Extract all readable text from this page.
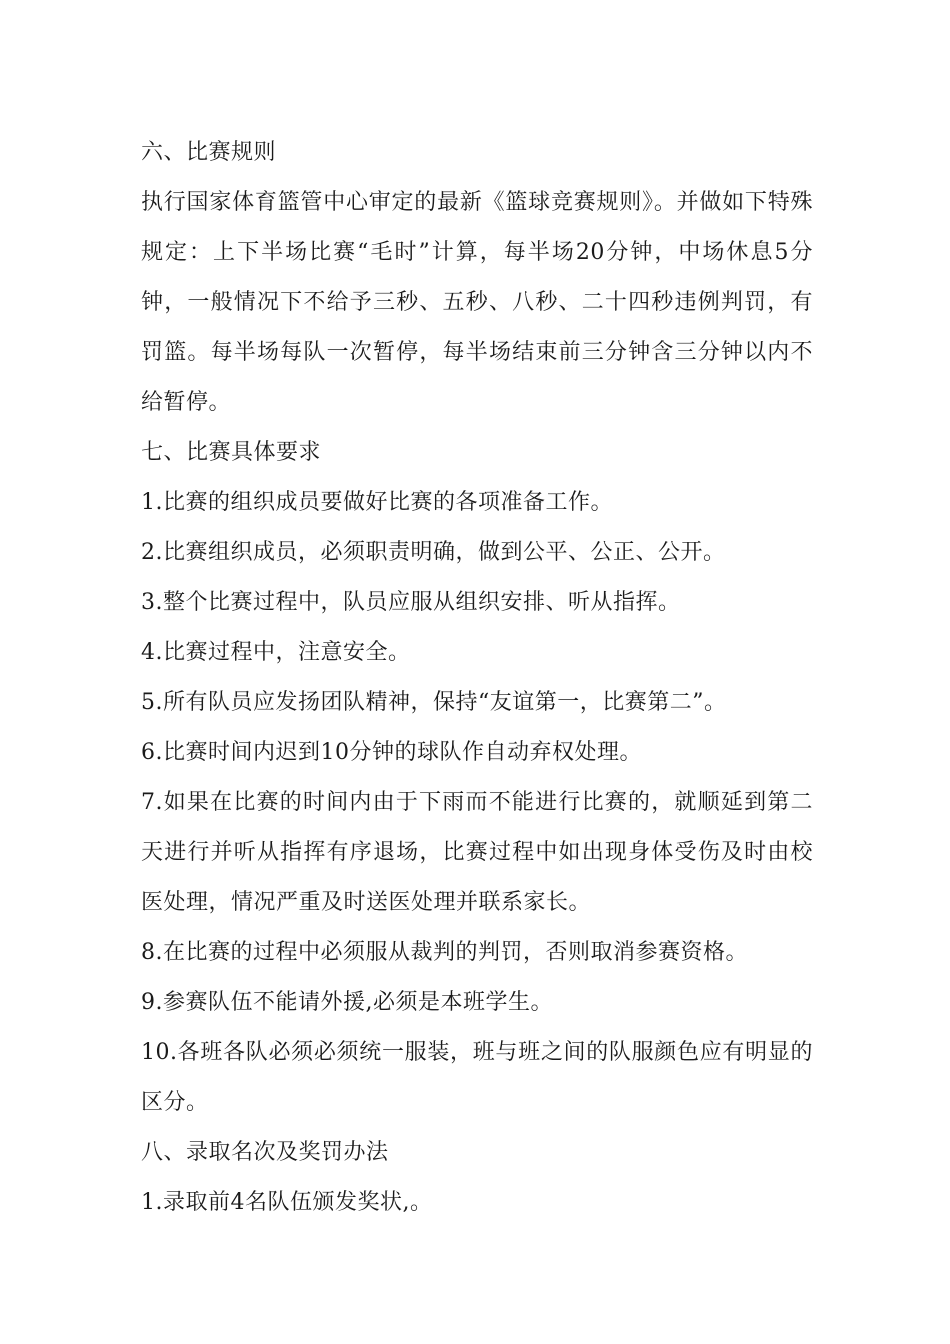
六、比赛规则

执行国家体育篮管中心审定的最新《篮球竞赛规则》。并做如下特殊规定：上下半场比赛“毛时”计算，每半场20分钟，中场休息5分钟，一般情况下不给予三秒、五秒、八秒、二十四秒违例判罚，有罚篮。每半场每队一次暂停，每半场结束前三分钟含三分钟以内不给暂停。

七、比赛具体要求

1.比赛的组织成员要做好比赛的各项准备工作。

2.比赛组织成员，必须职责明确，做到公平、公正、公开。

3.整个比赛过程中，队员应服从组织安排、听从指挥。

4.比赛过程中，注意安全。

5.所有队员应发扬团队精神，保持“友谊第一，比赛第二”。

6.比赛时间内迟到10分钟的球队作自动弃权处理。

7.如果在比赛的时间内由于下雨而不能进行比赛的，就顺延到第二天进行并听从指挥有序退场，比赛过程中如出现身体受伤及时由校医处理，情况严重及时送医处理并联系家长。

8.在比赛的过程中必须服从裁判的判罚，否则取消参赛资格。

9.参赛队伍不能请外援,必须是本班学生。

10.各班各队必须必须统一服装，班与班之间的队服颜色应有明显的区分。

八、录取名次及奖罚办法

1.录取前4名队伍颁发奖状,。
